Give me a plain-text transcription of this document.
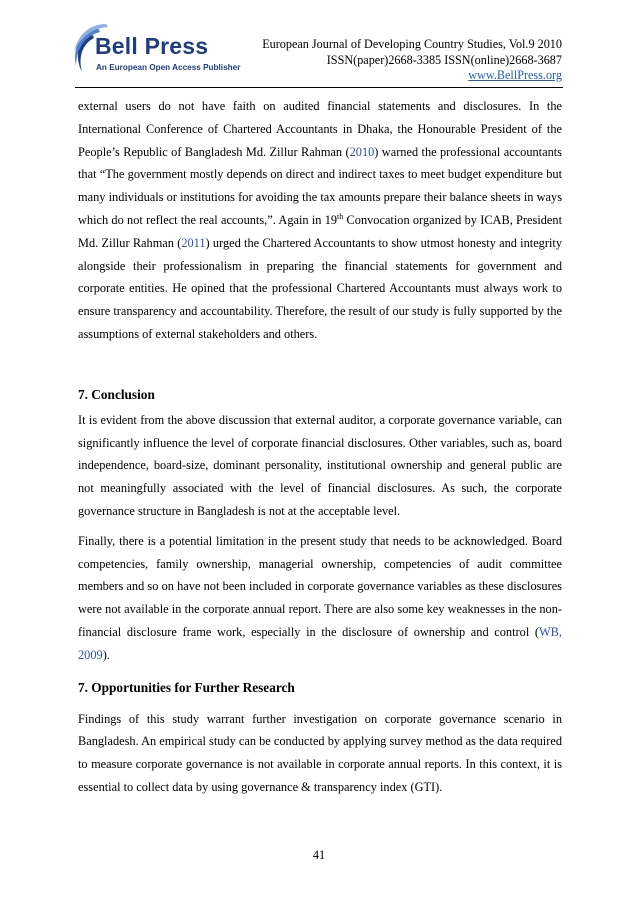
Bell Press
An European Open Access Publisher
European Journal of Developing Country Studies, Vol.9 2010
ISSN(paper)2668-3385 ISSN(online)2668-3687
www.BellPress.org

external users do not have faith on audited financial statements and disclosures. In the International Conference of Chartered Accountants in Dhaka, the Honourable President of the People’s Republic of Bangladesh Md. Zillur Rahman (2010) warned the professional accountants that “The government mostly depends on direct and indirect taxes to meet budget expenditure but many individuals or institutions for avoiding the tax amounts prepare their balance sheets in ways which do not reflect the real accounts,”. Again in 19th Convocation organized by ICAB, President Md. Zillur Rahman (2011) urged the Chartered Accountants to show utmost honesty and integrity alongside their professionalism in preparing the financial statements for government and corporate entities. He opined that the professional Chartered Accountants must always work to ensure transparency and accountability. Therefore, the result of our study is fully supported by the assumptions of external stakeholders and others.

7. Conclusion

It is evident from the above discussion that external auditor, a corporate governance variable, can significantly influence the level of corporate financial disclosures. Other variables, such as, board independence, board-size, dominant personality, institutional ownership and general public are not meaningfully associated with the level of financial disclosures. As such, the corporate governance structure in Bangladesh is not at the acceptable level.

Finally, there is a potential limitation in the present study that needs to be acknowledged. Board competencies, family ownership, managerial ownership, competencies of audit committee members and so on have not been included in corporate governance variables as these disclosures were not available in the corporate annual report. There are also some key weaknesses in the non-financial disclosure frame work, especially in the disclosure of ownership and control (WB, 2009).

7. Opportunities for Further Research

Findings of this study warrant further investigation on corporate governance scenario in Bangladesh. An empirical study can be conducted by applying survey method as the data required to measure corporate governance is not available in corporate annual reports. In this context, it is essential to collect data by using governance & transparency index (GTI).

41
